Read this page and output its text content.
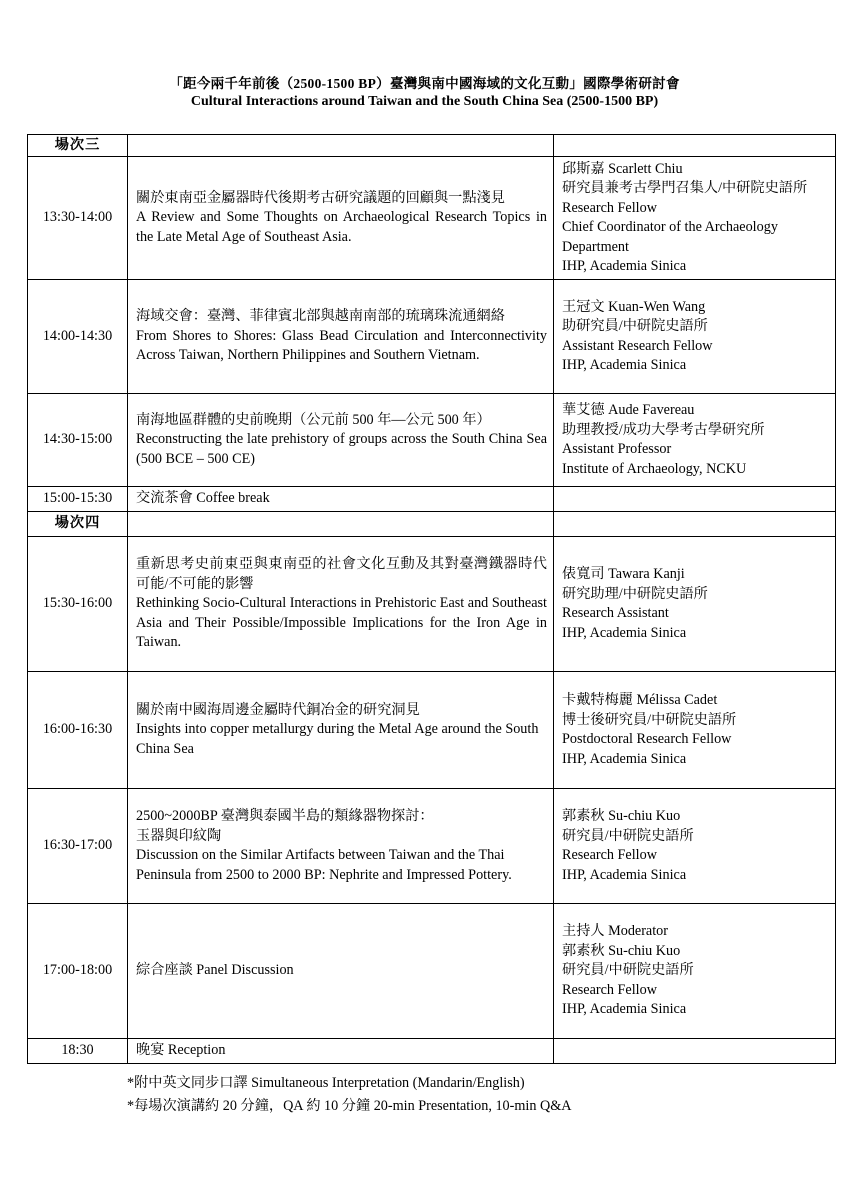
「距今兩千年前後（2500-1500 BP）臺灣與南中國海域的文化互動」國際學術研討會
Cultural Interactions around Taiwan and the South China Sea (2500-1500 BP)
場次三		
13:30-14:00	關於東南亞金屬器時代後期考古研究議題的回顧與一點淺見
A Review and Some Thoughts on Archaeological Research Topics in the Late Metal Age of Southeast Asia.	邱斯嘉 Scarlett Chiu
研究員兼考古學門召集人/中研院史語所
Research Fellow
Chief Coordinator of the Archaeology Department
IHP, Academia Sinica

14:00-14:30	海域交會：臺灣、菲律賓北部與越南南部的琉璃珠流通網絡
From Shores to Shores: Glass Bead Circulation and Interconnectivity Across Taiwan, Northern Philippines and Southern Vietnam.	王冠文 Kuan-Wen Wang
助研究員/中研院史語所
Assistant Research Fellow
IHP, Academia Sinica

14:30-15:00	南海地區群體的史前晚期（公元前 500 年—公元 500 年）
Reconstructing the late prehistory of groups across the South China Sea (500 BCE – 500 CE)	華艾德 Aude Favereau
助理教授/成功大學考古學研究所
Assistant Professor
Institute of Archaeology, NCKU

15:00-15:30	交流茶會 Coffee break	

場次四		
15:30-16:00	重新思考史前東亞與東南亞的社會文化互動及其對臺灣鐵器時代可能/不可能的影響
Rethinking Socio-Cultural Interactions in Prehistoric East and Southeast Asia and Their Possible/Impossible Implications for the Iron Age in Taiwan.	俵寬司 Tawara Kanji
研究助理/中研院史語所
Research Assistant
IHP, Academia Sinica

16:00-16:30	關於南中國海周邊金屬時代銅冶金的研究洞見
Insights into copper metallurgy during the Metal Age around the South China Sea	卡戴特梅麗 Mélissa Cadet
博士後研究員/中研院史語所
Postdoctoral Research Fellow
IHP, Academia Sinica

16:30-17:00	2500~2000BP 臺灣與泰國半島的類緣器物探討：
玉器與印紋陶
Discussion on the Similar Artifacts between Taiwan and the Thai Peninsula from 2500 to 2000 BP: Nephrite and Impressed Pottery.	郭素秋 Su-chiu Kuo
研究員/中研院史語所
Research Fellow
IHP, Academia Sinica

17:00-18:00	綜合座談 Panel Discussion	主持人 Moderator
郭素秋 Su-chiu Kuo
研究員/中研院史語所
Research Fellow
IHP, Academia Sinica

18:30	晚宴 Reception	

*附中英文同步口譯 Simultaneous Interpretation (Mandarin/English)
*每場次演講約 20 分鐘，QA 約 10 分鐘 20-min Presentation, 10-min Q&A
